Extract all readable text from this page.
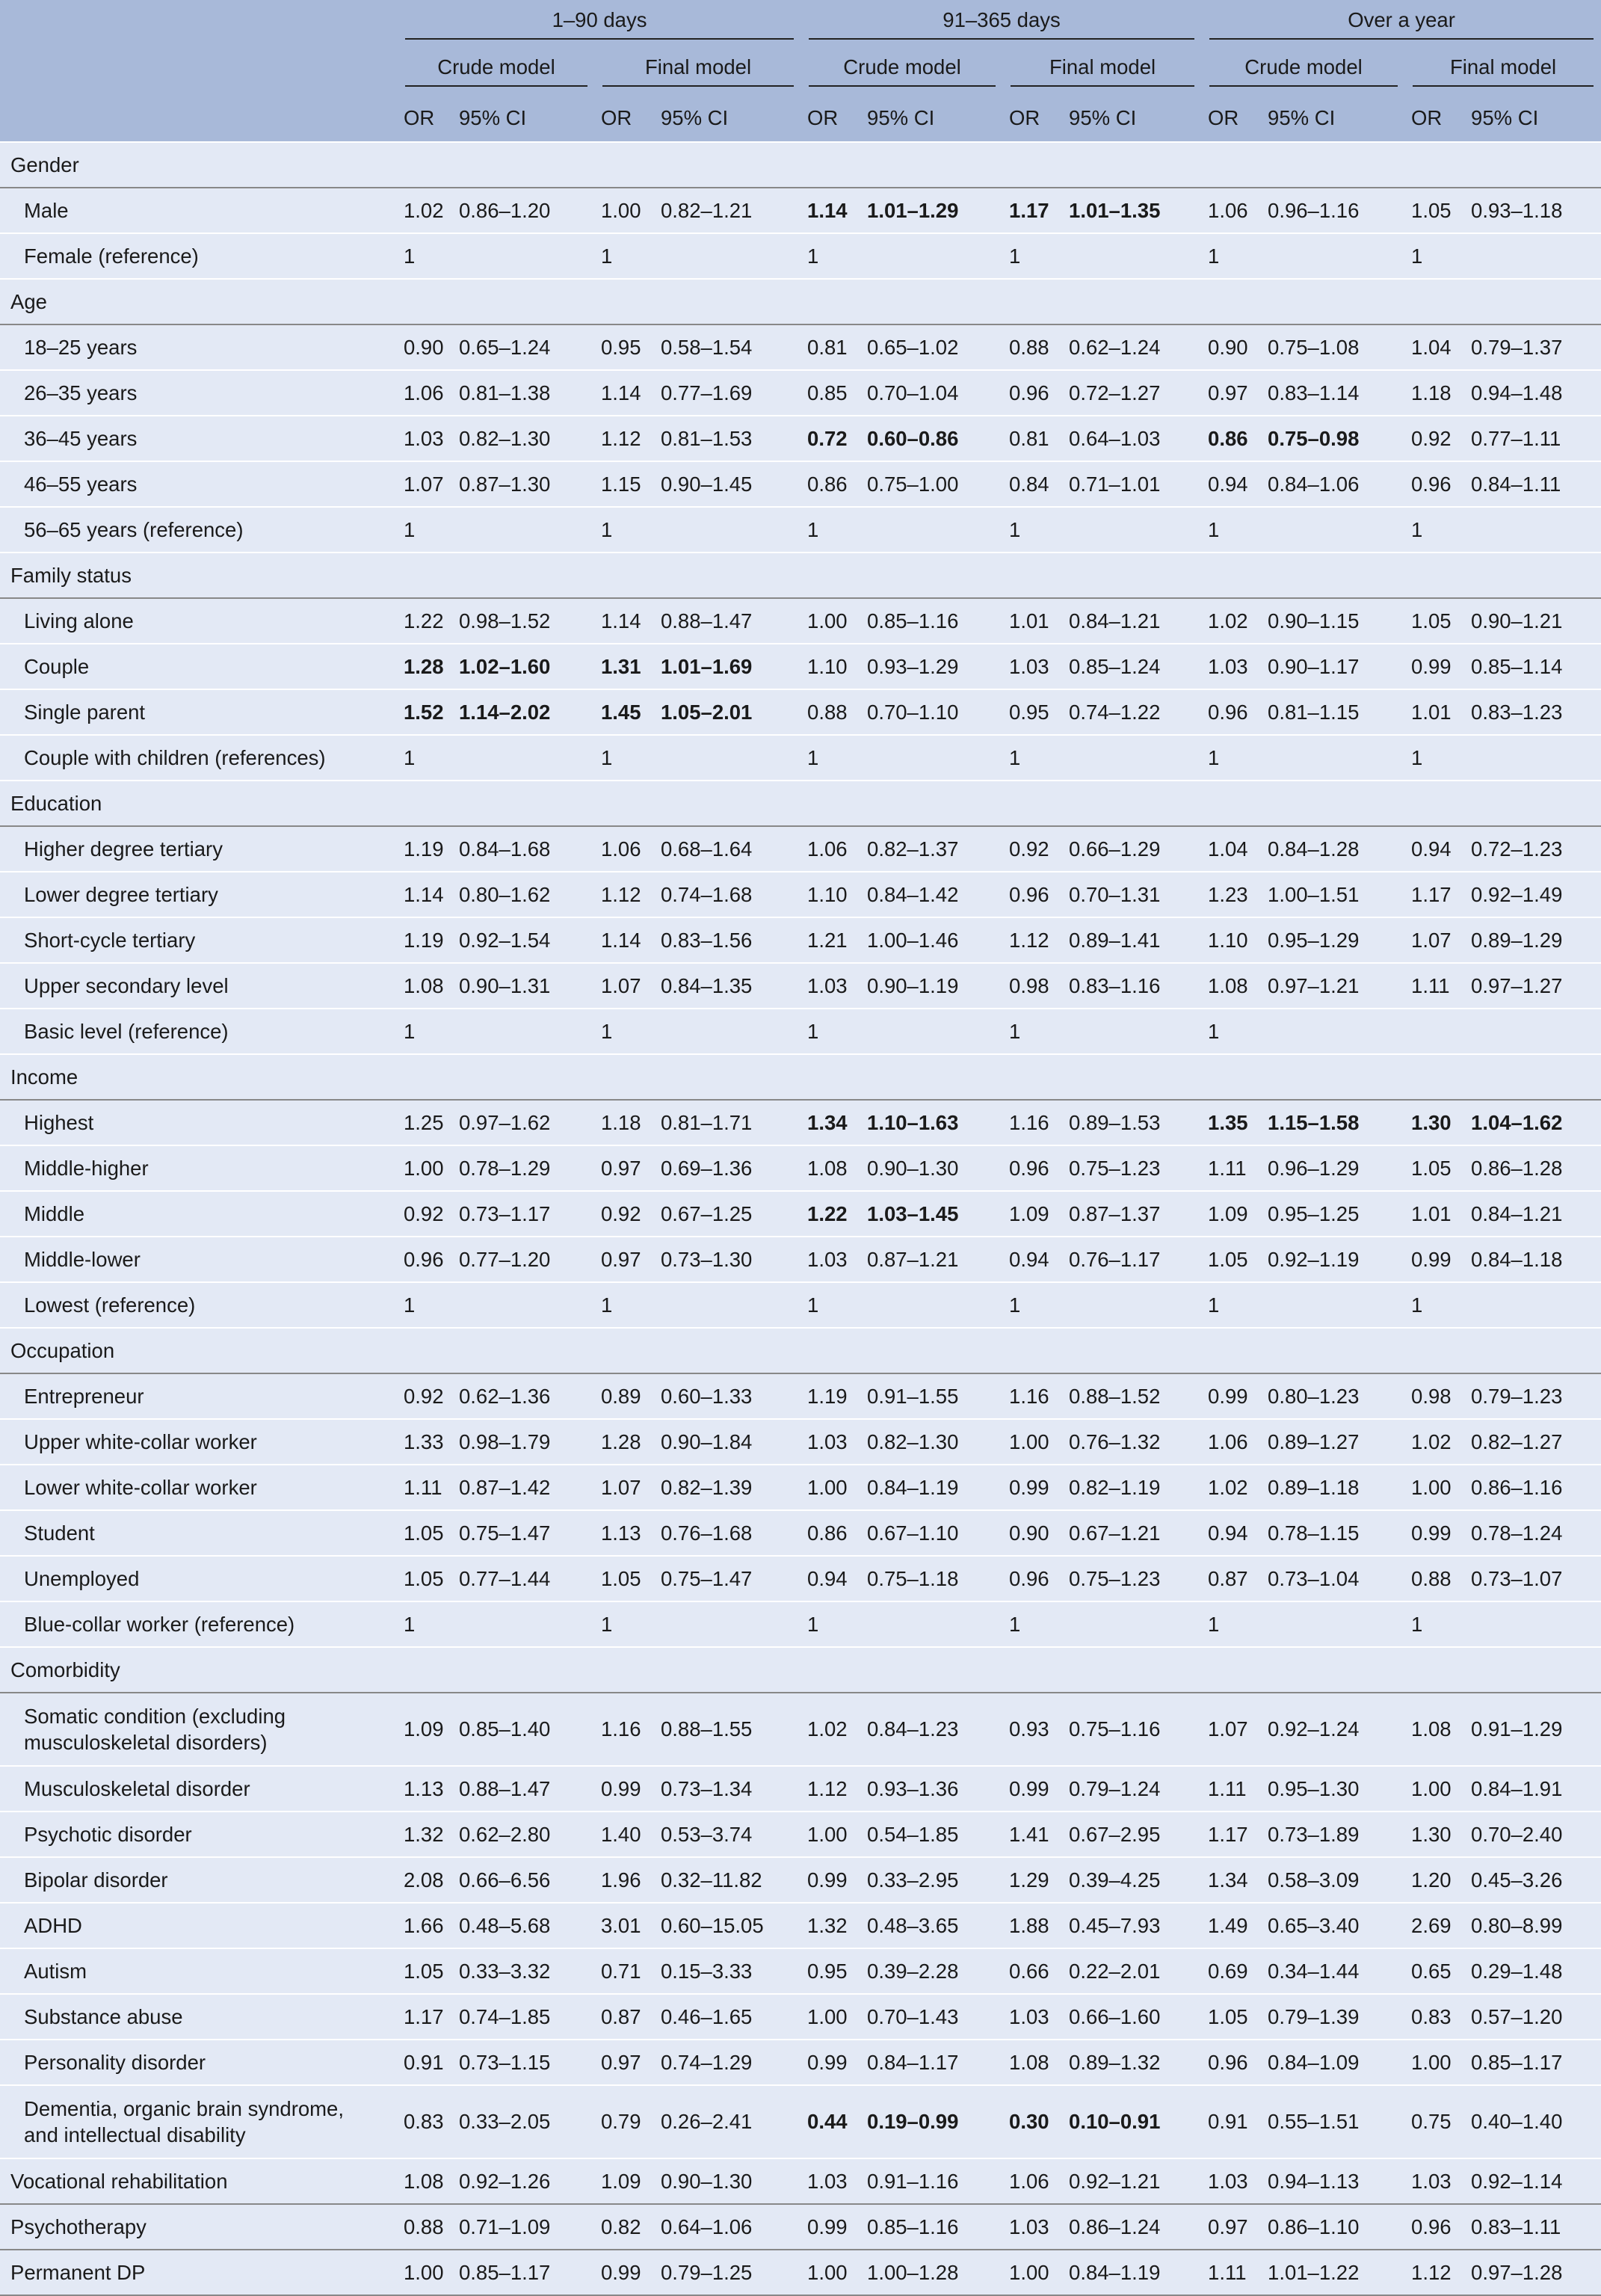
	1–90 days				91–365 days				Over a year			

	Crude model		Final model		Crude model		Final model		Crude model		Final model	

	OR	95% CI	OR	95% CI	OR	95% CI	OR	95% CI	OR	95% CI	OR	95% CI
Gender												
Male	1.02	0.86–1.20	1.00	0.82–1.21	1.14	1.01–1.29	1.17	1.01–1.35	1.06	0.96–1.16	1.05	0.93–1.18
Female (reference)	1		1		1		1		1		1	
Age												
18–25 years	0.90	0.65–1.24	0.95	0.58–1.54	0.81	0.65–1.02	0.88	0.62–1.24	0.90	0.75–1.08	1.04	0.79–1.37
26–35 years	1.06	0.81–1.38	1.14	0.77–1.69	0.85	0.70–1.04	0.96	0.72–1.27	0.97	0.83–1.14	1.18	0.94–1.48
36–45 years	1.03	0.82–1.30	1.12	0.81–1.53	0.72	0.60–0.86	0.81	0.64–1.03	0.86	0.75–0.98	0.92	0.77–1.11
46–55 years	1.07	0.87–1.30	1.15	0.90–1.45	0.86	0.75–1.00	0.84	0.71–1.01	0.94	0.84–1.06	0.96	0.84–1.11
56–65 years (reference)	1		1		1		1		1		1	
Family status												
Living alone	1.22	0.98–1.52	1.14	0.88–1.47	1.00	0.85–1.16	1.01	0.84–1.21	1.02	0.90–1.15	1.05	0.90–1.21
Couple	1.28	1.02–1.60	1.31	1.01–1.69	1.10	0.93–1.29	1.03	0.85–1.24	1.03	0.90–1.17	0.99	0.85–1.14
Single parent	1.52	1.14–2.02	1.45	1.05–2.01	0.88	0.70–1.10	0.95	0.74–1.22	0.96	0.81–1.15	1.01	0.83–1.23
Couple with children (references)	1		1		1		1		1		1	
Education												
Higher degree tertiary	1.19	0.84–1.68	1.06	0.68–1.64	1.06	0.82–1.37	0.92	0.66–1.29	1.04	0.84–1.28	0.94	0.72–1.23
Lower degree tertiary	1.14	0.80–1.62	1.12	0.74–1.68	1.10	0.84–1.42	0.96	0.70–1.31	1.23	1.00–1.51	1.17	0.92–1.49
Short-cycle tertiary	1.19	0.92–1.54	1.14	0.83–1.56	1.21	1.00–1.46	1.12	0.89–1.41	1.10	0.95–1.29	1.07	0.89–1.29
Upper secondary level	1.08	0.90–1.31	1.07	0.84–1.35	1.03	0.90–1.19	0.98	0.83–1.16	1.08	0.97–1.21	1.11	0.97–1.27
Basic level (reference)	1		1		1		1		1			
Income												
Highest	1.25	0.97–1.62	1.18	0.81–1.71	1.34	1.10–1.63	1.16	0.89–1.53	1.35	1.15–1.58	1.30	1.04–1.62
Middle-higher	1.00	0.78–1.29	0.97	0.69–1.36	1.08	0.90–1.30	0.96	0.75–1.23	1.11	0.96–1.29	1.05	0.86–1.28
Middle	0.92	0.73–1.17	0.92	0.67–1.25	1.22	1.03–1.45	1.09	0.87–1.37	1.09	0.95–1.25	1.01	0.84–1.21
Middle-lower	0.96	0.77–1.20	0.97	0.73–1.30	1.03	0.87–1.21	0.94	0.76–1.17	1.05	0.92–1.19	0.99	0.84–1.18
Lowest (reference)	1		1		1		1		1		1	
Occupation												
Entrepreneur	0.92	0.62–1.36	0.89	0.60–1.33	1.19	0.91–1.55	1.16	0.88–1.52	0.99	0.80–1.23	0.98	0.79–1.23
Upper white-collar worker	1.33	0.98–1.79	1.28	0.90–1.84	1.03	0.82–1.30	1.00	0.76–1.32	1.06	0.89–1.27	1.02	0.82–1.27
Lower white-collar worker	1.11	0.87–1.42	1.07	0.82–1.39	1.00	0.84–1.19	0.99	0.82–1.19	1.02	0.89–1.18	1.00	0.86–1.16
Student	1.05	0.75–1.47	1.13	0.76–1.68	0.86	0.67–1.10	0.90	0.67–1.21	0.94	0.78–1.15	0.99	0.78–1.24
Unemployed	1.05	0.77–1.44	1.05	0.75–1.47	0.94	0.75–1.18	0.96	0.75–1.23	0.87	0.73–1.04	0.88	0.73–1.07
Blue-collar worker (reference)	1		1		1		1		1		1	
Comorbidity												
Somatic condition (excluding
musculoskeletal disorders)	1.09	0.85–1.40	1.16	0.88–1.55	1.02	0.84–1.23	0.93	0.75–1.16	1.07	0.92–1.24	1.08	0.91–1.29
Musculoskeletal disorder	1.13	0.88–1.47	0.99	0.73–1.34	1.12	0.93–1.36	0.99	0.79–1.24	1.11	0.95–1.30	1.00	0.84–1.91
Psychotic disorder	1.32	0.62–2.80	1.40	0.53–3.74	1.00	0.54–1.85	1.41	0.67–2.95	1.17	0.73–1.89	1.30	0.70–2.40
Bipolar disorder	2.08	0.66–6.56	1.96	0.32–11.82	0.99	0.33–2.95	1.29	0.39–4.25	1.34	0.58–3.09	1.20	0.45–3.26
ADHD	1.66	0.48–5.68	3.01	0.60–15.05	1.32	0.48–3.65	1.88	0.45–7.93	1.49	0.65–3.40	2.69	0.80–8.99
Autism	1.05	0.33–3.32	0.71	0.15–3.33	0.95	0.39–2.28	0.66	0.22–2.01	0.69	0.34–1.44	0.65	0.29–1.48
Substance abuse	1.17	0.74–1.85	0.87	0.46–1.65	1.00	0.70–1.43	1.03	0.66–1.60	1.05	0.79–1.39	0.83	0.57–1.20
Personality disorder	0.91	0.73–1.15	0.97	0.74–1.29	0.99	0.84–1.17	1.08	0.89–1.32	0.96	0.84–1.09	1.00	0.85–1.17
Dementia, organic brain syndrome,
and intellectual disability	0.83	0.33–2.05	0.79	0.26–2.41	0.44	0.19–0.99	0.30	0.10–0.91	0.91	0.55–1.51	0.75	0.40–1.40
Vocational rehabilitation	1.08	0.92–1.26	1.09	0.90–1.30	1.03	0.91–1.16	1.06	0.92–1.21	1.03	0.94–1.13	1.03	0.92–1.14
Psychotherapy	0.88	0.71–1.09	0.82	0.64–1.06	0.99	0.85–1.16	1.03	0.86–1.24	0.97	0.86–1.10	0.96	0.83–1.11
Permanent DP	1.00	0.85–1.17	0.99	0.79–1.25	1.00	1.00–1.28	1.00	0.84–1.19	1.11	1.01–1.22	1.12	0.97–1.28
